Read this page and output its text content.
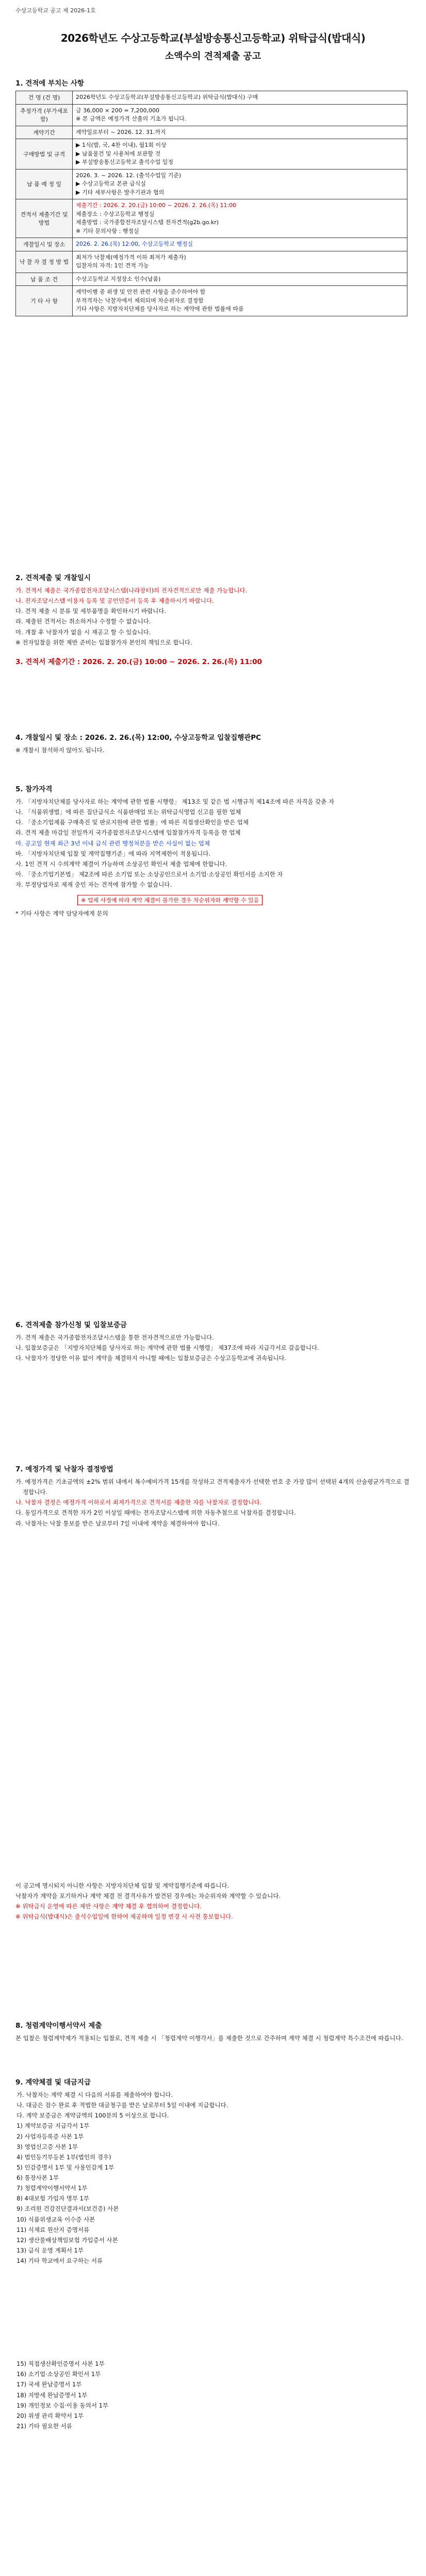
수상고등학교 공고 제 2026-1호
2026학년도 수상고등학교(부설방송통신고등학교) 위탁급식(밥대식)
소액수의 견적제출 공고
1. 견적에 부치는 사항
건 명 (건 명)	2026학년도 수상고등학교(부설방송통신고등학교) 위탁급식(밥대식) 구매

추정가격 (부가세포함)	금 36,000 × 200 = 7,200,000
※ 본 금액은 예정가격 산출의 기초가 됩니다.

계약기간	계약일로부터 ~ 2026. 12. 31.까지

구매방법 및 규격	▶ 1식(밥, 국, 4찬 이내), 월1회 이상
▶ 납품물건 및 사용처에 보관할 것
▶ 부설방송통신고등학교 출석수업 일정

납 품 예 정 일	2026. 3. ~ 2026. 12. (출석수업일 기준)
▶ 수상고등학교 본관 급식실
▶ 기타 세부사항은 발주기관과 협의

견적서 제출기간 및 방법	제출기간 : 2026. 2. 20.(금) 10:00 ~ 2026. 2. 26.(목) 11:00
제출장소 : 수상고등학교 행정실
제출방법 : 국가종합전자조달시스템 전자견적(g2b.go.kr)
※ 기타 문의사항 : 행정실

개찰일시 및 장소	2026. 2. 26.(목) 12:00, 수상고등학교 행정실

낙 찰 자 결 정 방 법	최저가 낙찰제(예정가격 이하 최저가 제출자)
입찰자의 자격: 1인 견적 가능

납 품 조 건	수상고등학교 지정장소 인수(납품)

기 타 사 항	계약이행 중 위생 및 안전 관련 사항을 준수하여야 함
부적격자는 낙찰자에서 제외되며 차순위자로 결정함
기타 사항은 지방자치단체를 당사자로 하는 계약에 관한 법률에 따름
2. 견적제출 및 개찰일시
가. 견적서 제출은 국가종합전자조달시스템(나라장터)의 전자견적으로만 제출 가능합니다.
나. 전자조달시스템 이용자 등록 및 공인인증서 등록 후 제출하시기 바랍니다.
다. 견적 제출 시 분류 및 세부품명을 확인하시기 바랍니다.
라. 제출된 견적서는 취소하거나 수정할 수 없습니다.
마. 개찰 후 낙찰자가 없을 시 재공고 할 수 있습니다.
※ 전자입찰을 위한 제반 준비는 입찰참가자 본인의 책임으로 합니다.
3. 견적서 제출기간 : 2026. 2. 20.(금) 10:00 ~ 2026. 2. 26.(목) 11:00
4. 개찰일시 및 장소 : 2026. 2. 26.(목) 12:00, 수상고등학교 입찰집행관PC
※ 개찰시 참석하지 않아도 됩니다.
5. 참가자격
가. 「지방자치단체를 당사자로 하는 계약에 관한 법률 시행령」 제13조 및 같은 법 시행규칙 제14조에 따른 자격을 갖춘 자
나. 「식품위생법」에 따른 집단급식소 식품판매업 또는 위탁급식영업 신고를 필한 업체
다. 「중소기업제품 구매촉진 및 판로지원에 관한 법률」에 따른 직접생산확인을 받은 업체
라. 견적 제출 마감일 전일까지 국가종합전자조달시스템에 입찰참가자격 등록을 한 업체
마. 공고일 현재 최근 3년 이내 급식 관련 행정처분을 받은 사실이 없는 업체
바. 「지방자치단체 입찰 및 계약집행기준」에 따라 지역제한이 적용됩니다.
사. 1인 견적 시 수의계약 체결이 가능하며 소상공인 확인서 제출 업체에 한합니다.
아. 「중소기업기본법」 제2조에 따른 소기업 또는 소상공인으로서 소기업·소상공인 확인서를 소지한 자
자. 부정당업자로 제재 중인 자는 견적에 참가할 수 없습니다.
※ 업체 사정에 따라 계약 체결이 불가한 경우 차순위자와 계약할 수 있음
* 기타 사항은 계약 담당자에게 문의
6. 견적제출 참가신청 및 입찰보증금
가. 견적 제출은 국가종합전자조달시스템을 통한 전자견적으로만 가능합니다.
나. 입찰보증금은 「지방자치단체를 당사자로 하는 계약에 관한 법률 시행령」 제37조에 따라 지급각서로 갈음합니다.
다. 낙찰자가 정당한 이유 없이 계약을 체결하지 아니할 때에는 입찰보증금은 수상고등학교에 귀속됩니다.
7. 예정가격 및 낙찰자 결정방법
가. 예정가격은 기초금액의 ±2% 범위 내에서 복수예비가격 15개를 작성하고 견적제출자가 선택한 번호 중 가장 많이 선택된 4개의 산술평균가격으로 결정합니다.
나. 낙찰자 결정은 예정가격 이하로서 최저가격으로 견적서를 제출한 자를 낙찰자로 결정합니다.
다. 동일가격으로 견적한 자가 2인 이상일 때에는 전자조달시스템에 의한 자동추첨으로 낙찰자를 결정합니다.
라. 낙찰자는 낙찰 통보를 받은 날로부터 7일 이내에 계약을 체결하여야 합니다.
이 공고에 명시되지 아니한 사항은 지방자치단체 입찰 및 계약집행기준에 따릅니다.
낙찰자가 계약을 포기하거나 계약 체결 전 결격사유가 발견된 경우에는 차순위자와 계약할 수 있습니다.
※ 위탁급식 운영에 따른 제반 사항은 계약 체결 후 협의하여 결정합니다.
※ 위탁급식(밥대식)은 출석수업일에 한하여 제공하며 일정 변경 시 사전 통보합니다.
8. 청렴계약이행서약서 제출
본 입찰은 청렴계약제가 적용되는 입찰로, 견적 제출 시 「청렴계약 이행각서」를 제출한 것으로 간주하며 계약 체결 시 청렴계약 특수조건에 따릅니다.
9. 계약체결 및 대금지급
가. 낙찰자는 계약 체결 시 다음의 서류를 제출하여야 합니다.
나. 대금은 검수 완료 후 적법한 대금청구를 받은 날로부터 5일 이내에 지급합니다.
다. 계약 보증금은 계약금액의 100분의 5 이상으로 합니다.
1) 계약보증금 지급각서 1부
2) 사업자등록증 사본 1부
3) 영업신고증 사본 1부
4) 법인등기부등본 1부(법인의 경우)
5) 인감증명서 1부 및 사용인감계 1부
6) 통장사본 1부
7) 청렴계약이행서약서 1부
8) 4대보험 가입자 명부 1부
9) 조리원 건강진단결과서(보건증) 사본
10) 식품위생교육 이수증 사본
11) 식재료 원산지 증명서류
12) 생산물배상책임보험 가입증서 사본
13) 급식 운영 계획서 1부
14) 기타 학교에서 요구하는 서류
15) 직접생산확인증명서 사본 1부
16) 소기업·소상공인 확인서 1부
17) 국세 완납증명서 1부
18) 지방세 완납증명서 1부
19) 개인정보 수집·이용 동의서 1부
20) 위생 관리 확약서 1부
21) 기타 필요한 서류
